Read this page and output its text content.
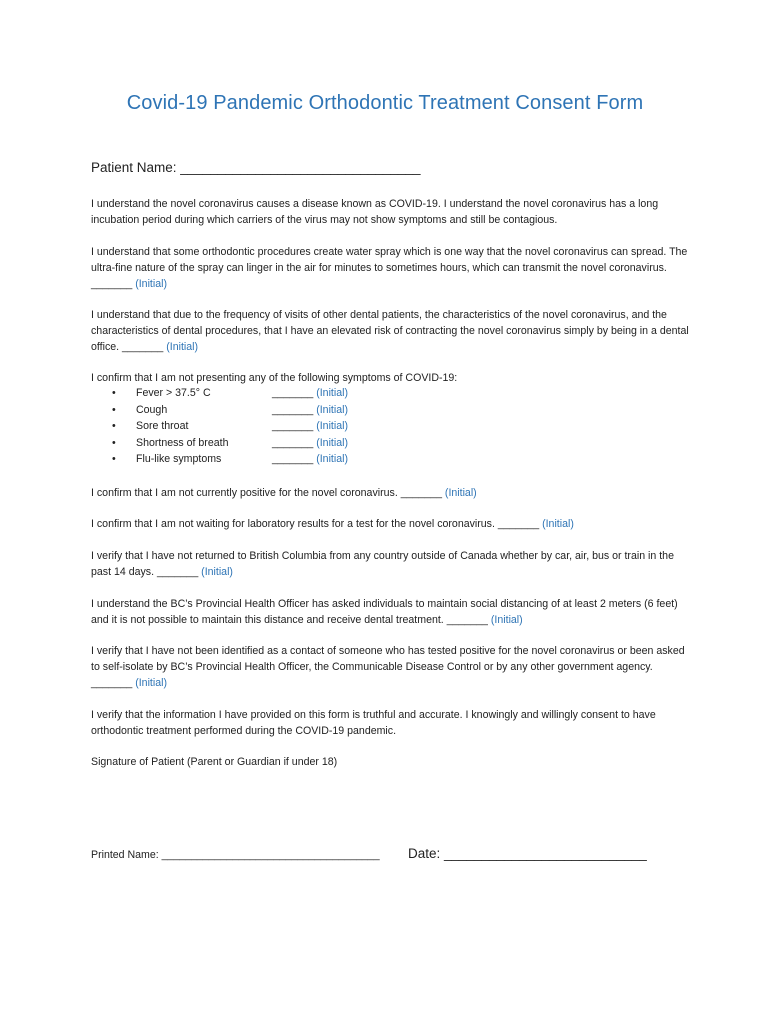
Covid-19 Pandemic Orthodontic Treatment Consent Form
Patient Name: ________________________________
I understand the novel coronavirus causes a disease known as COVID-19. I understand the novel coronavirus has a long incubation period during which carriers of the virus may not show symptoms and still be contagious.
I understand that some orthodontic procedures create water spray which is one way that the novel coronavirus can spread. The ultra-fine nature of the spray can linger in the air for minutes to sometimes hours, which can transmit the novel coronavirus. _______ (Initial)
I understand that due to the frequency of visits of other dental patients, the characteristics of the novel coronavirus, and the characteristics of dental procedures, that I have an elevated risk of contracting the novel coronavirus simply by being in a dental office. _______ (Initial)
I confirm that I am not presenting any of the following symptoms of COVID-19:
• Fever > 37.5° C	_______ (Initial)
• Cough	_______ (Initial)
• Sore throat	_______ (Initial)
• Shortness of breath	_______ (Initial)
• Flu-like symptoms	_______ (Initial)
I confirm that I am not currently positive for the novel coronavirus. _______ (Initial)
I confirm that I am not waiting for laboratory results for a test for the novel coronavirus. _______ (Initial)
I verify that I have not returned to British Columbia from any country outside of Canada whether by car, air, bus or train in the past 14 days. _______ (Initial)
I understand the BC’s Provincial Health Officer has asked individuals to maintain social distancing of at least 2 meters (6 feet) and it is not possible to maintain this distance and receive dental treatment. _______ (Initial)
I verify that I have not been identified as a contact of someone who has tested positive for the novel coronavirus or been asked to self-isolate by BC’s Provincial Health Officer, the Communicable Disease Control or by any other government agency. _______ (Initial)
I verify that the information I have provided on this form is truthful and accurate. I knowingly and willingly consent to have orthodontic treatment performed during the COVID-19 pandemic.
Signature of Patient (Parent or Guardian if under 18)
Printed Name: _____________________________________ Date: ___________________________
